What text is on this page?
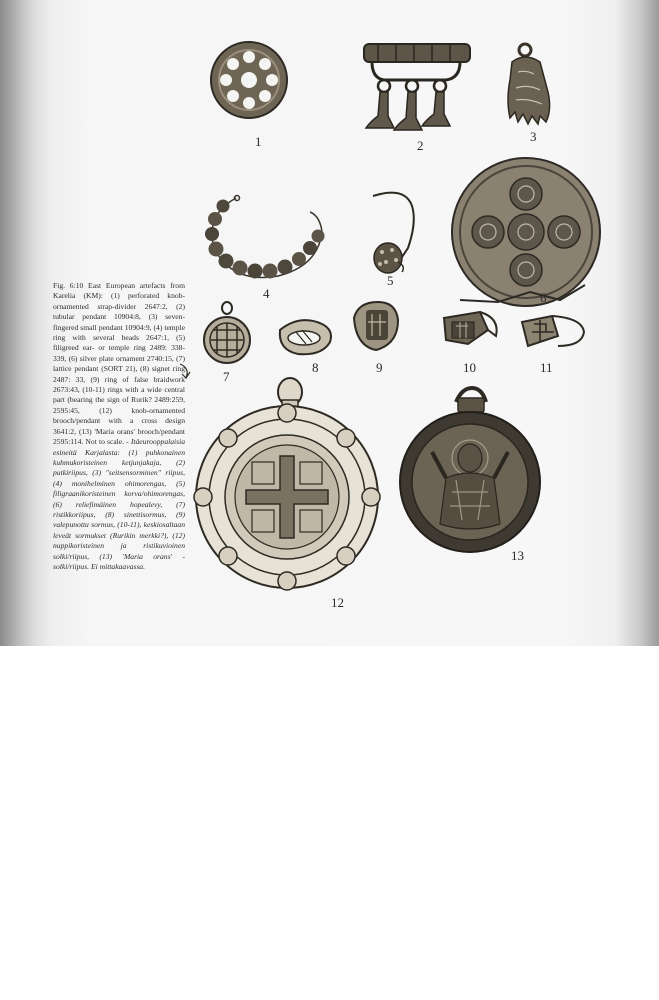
1	2
3
4
5
6
7
8	9	10	11
12
13
Fig. 6:10 East European artefacts from Karelia (KM): (1) perforated knob-ornamented strap-divider 2647:2, (2) tubular pendant 10904:8, (3) seven-fingered small pendant 10904:9, (4) temple ring with several beads 2647:1, (5) filigreed ear- or temple ring 2489: 338-339, (6) silver plate ornament 2740:15, (7) lattice pendant (SORT 21), (8) signet ring 2487: 33, (9) ring of false braidwork 2673:43, (10-11) rings with a wide central part (bearing the sign of Rurik? 2489:259, 2595:45, (12) knob-ornamented brooch/pendant with a cross design 3641:2, (13) 'Maria orans' brooch/pendant 2595:114. Not to scale. - Itäeurooppalaisia esineitä Karjalasta: (1) puhkonainen kuhmukoristeinen ketjunjakaja, (2) putkiriipus, (3) "seitsensorminen" riipus, (4) monihelminen ohimorengas, (5) filigraanikoristeinen korva/ohimorengas, (6) reliefimäinen hopealevy, (7) ristikkoriipus, (8) sinettisormus, (9) valepunottu sormus, (10-11), keskiosaltaan leveät sormukset (Rurikin merkki?), (12) nuppikoristeinen ja ristikuvioinen solki/riipus, (13) 'Maria orans' - solki/riipus. Ei mittakaavassa.
